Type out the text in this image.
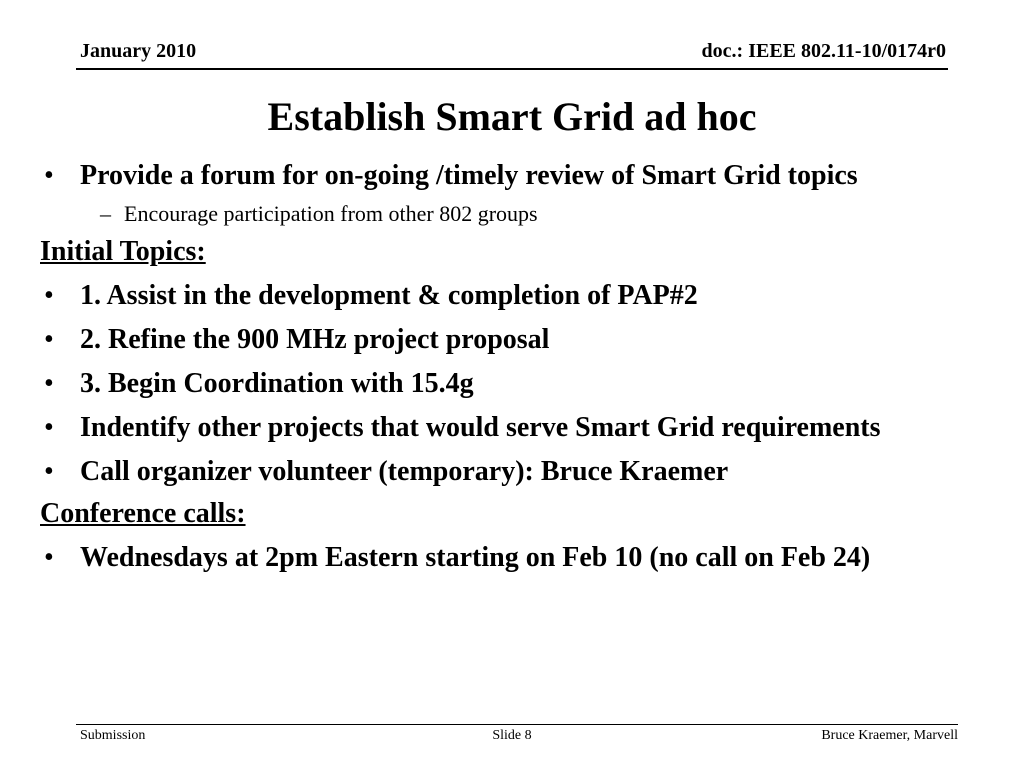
January 2010	doc.: IEEE 802.11-10/0174r0
Establish Smart Grid ad hoc
• Provide a forum for on-going /timely review of Smart Grid topics
– Encourage participation from other 802 groups
Initial Topics:
• 1. Assist in the development & completion of PAP#2
• 2. Refine the 900 MHz project proposal
• 3. Begin Coordination with 15.4g
• Indentify other projects that would serve Smart Grid requirements
• Call organizer volunteer (temporary): Bruce Kraemer
Conference calls:
• Wednesdays at 2pm Eastern starting on Feb 10 (no call on Feb 24)
Submission	Slide 8	Bruce Kraemer, Marvell
